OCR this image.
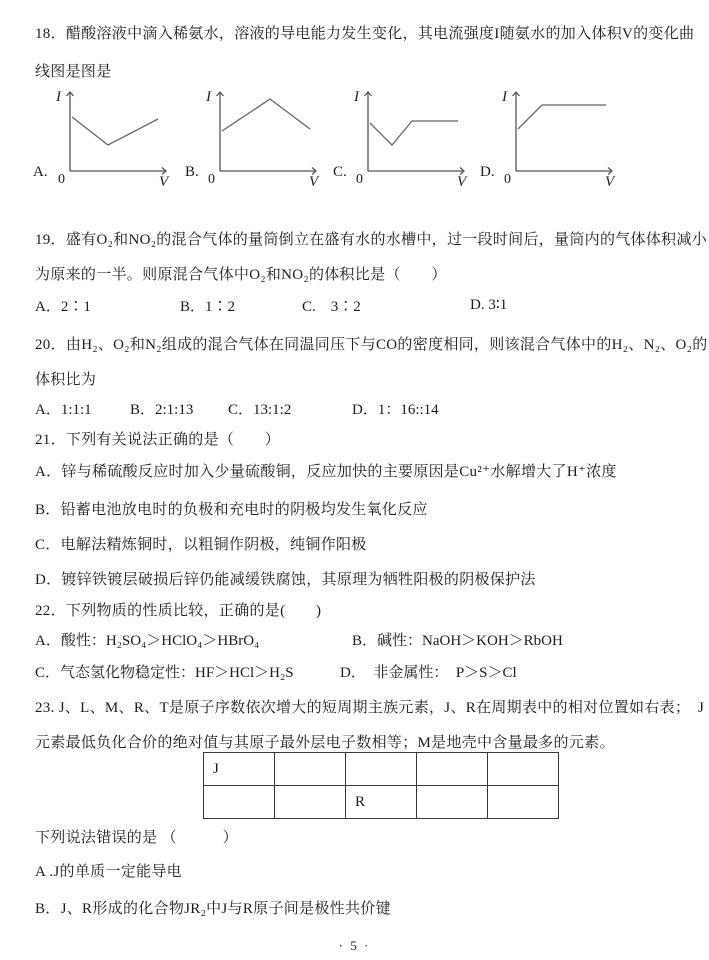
18．醋酸溶液中滴入稀氨水，溶液的导电能力发生变化，其电流强度I随氨水的加入体积V的变化曲
线图是图是
A.
I
0	V
B.
I
0	V
C.
I
0	V
D.
I
0	V
19．盛有O₂和NO₂的混合气体的量筒倒立在盛有水的水槽中，过一段时间后，量筒内的气体体积减小
为原来的一半。则原混合气体中O₂和NO₂的体积比是（　　）
A．2∶1	B．1∶2	C.　3∶2	D. 3∶1
20．由H₂、O₂和N₂组成的混合气体在同温同压下与CO的密度相同，则该混合气体中的H₂、N₂、O₂的
体积比为
A．1:1:1	B．2:1:13 C．13:1:2	D．1：16::14
21．下列有关说法正确的是（　　）
A．锌与稀硫酸反应时加入少量硫酸铜，反应加快的主要原因是Cu²⁺水解增大了H⁺浓度
B．铅蓄电池放电时的负极和充电时的阴极均发生氧化反应
C．电解法精炼铜时，以粗铜作阴极，纯铜作阳极
D．镀锌铁镀层破损后锌仍能减缓铁腐蚀，其原理为牺牲阳极的阴极保护法
22．下列物质的性质比较，正确的是(　　)
A．酸性：H₂SO₄＞HClO₄＞HBrO₄	B．碱性：NaOH＞KOH＞RbOH
C．气态氢化物稳定性：HF＞HCl＞H₂S	D．  非金属性：  P＞S＞Cl
23. J、L、M、R、T是原子序数依次增大的短周期主族元素，J、R在周期表中的相对位置如右表；　J
元素最低负化合价的绝对值与其原子最外层电子数相等；M是地壳中含量最多的元素。
J				
		R		
下列说法错误的是 （　　　）
A .J的单质一定能导电
B．J、R形成的化合物JR₂中J与R原子间是极性共价键
· 5 ·
